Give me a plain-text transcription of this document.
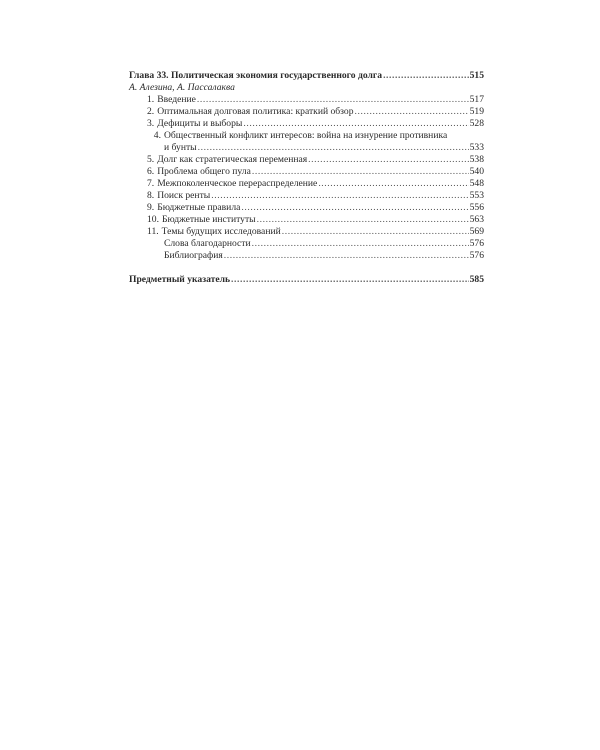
Глава 33. Политическая экономия государственного долга .....	515
А. Алезина, А. Пассалаква
1. Введение .....	517
2. Оптимальная долговая политика: краткий обзор .....	519
3. Дефициты и выборы .....	528
4. Общественный конфликт интересов: война на изнурение противника
и бунты .....	533
5. Долг как стратегическая переменная .....	538
6. Проблема общего пула .....	540
7. Межпоколенческое перераспределение .....	548
8. Поиск ренты .....	553
9. Бюджетные правила .....	556
10. Бюджетные институты .....	563
11. Темы будущих исследований .....	569
Слова благодарности .....	576
Библиография .....	576
Предметный указатель .....	585
